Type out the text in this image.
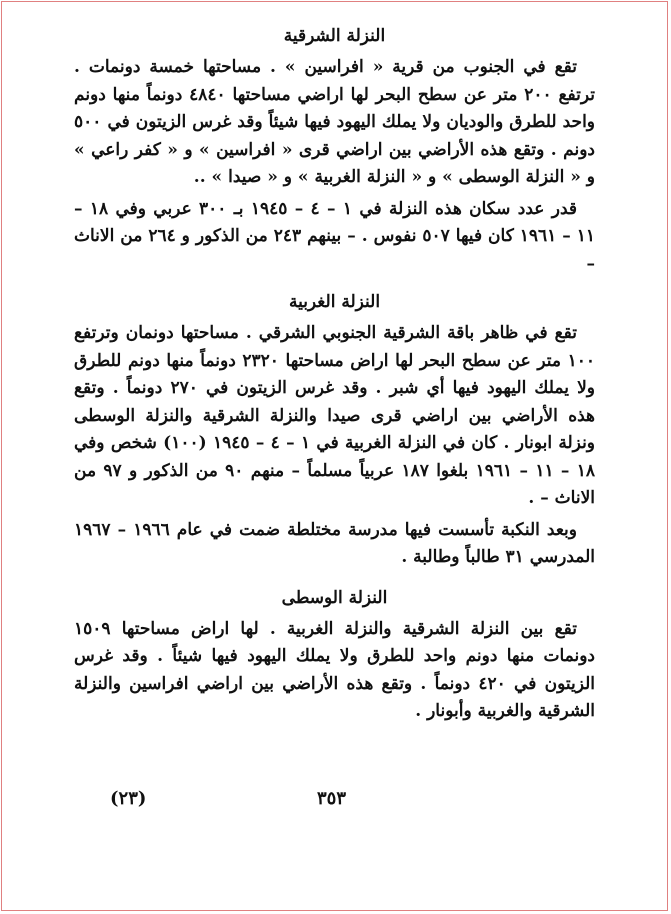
النزلة الشرقية

تقع في الجنوب من قرية « افراسين » . مساحتها خمسة دونمات . ترتفع ٢٠٠ متر عن سطح البحر لها اراضي مساحتها ٤٨٤٠ دونماً منها دونم واحد للطرق والوديان ولا يملك اليهود فيها شيئاً وقد غرس الزيتون في ٥٠٠ دونم . وتقع هذه الأراضي بين اراضي قرى « افراسين » و « كفر راعي » و « النزلة الوسطى » و « النزلة الغربية » و « صيدا » ..

قدر عدد سكان هذه النزلة في ١ – ٤ – ١٩٤٥ بـ ٣٠٠ عربي وفي ١٨ – ١١ – ١٩٦١ كان فيها ٥٠٧ نفوس . – بينهم ٢٤٣ من الذكور و ٢٦٤ من الاناث –

النزلة الغربية

تقع في ظاهر باقة الشرقية الجنوبي الشرقي . مساحتها دونمان وترتفع ١٠٠ متر عن سطح البحر لها اراض مساحتها ٢٣٢٠ دونماً منها دونم للطرق ولا يملك اليهود فيها أي شبر . وقد غرس الزيتون في ٢٧٠ دونماً . وتقع هذه الأراضي بين اراضي قرى صيدا والنزلة الشرقية والنزلة الوسطى ونزلة ابونار . كان في النزلة الغربية في ١ – ٤ – ١٩٤٥ (١٠٠) شخص وفي ١٨ – ١١ – ١٩٦١ بلغوا ١٨٧ عربياً مسلماً – منهم ٩٠ من الذكور و ٩٧ من الاناث – .

وبعد النكبة تأسست فيها مدرسة مختلطة ضمت في عام ١٩٦٦ – ١٩٦٧ المدرسي ٣١ طالباً وطالبة .

النزلة الوسطى

تقع بين النزلة الشرقية والنزلة الغربية . لها اراض مساحتها ١٥٠٩ دونمات منها دونم واحد للطرق ولا يملك اليهود فيها شيئاً . وقد غرس الزيتون في ٤٢٠ دونماً . وتقع هذه الأراضي بين اراضي افراسين والنزلة الشرقية والغربية وأبونار .

(٢٣)	٣٥٣
